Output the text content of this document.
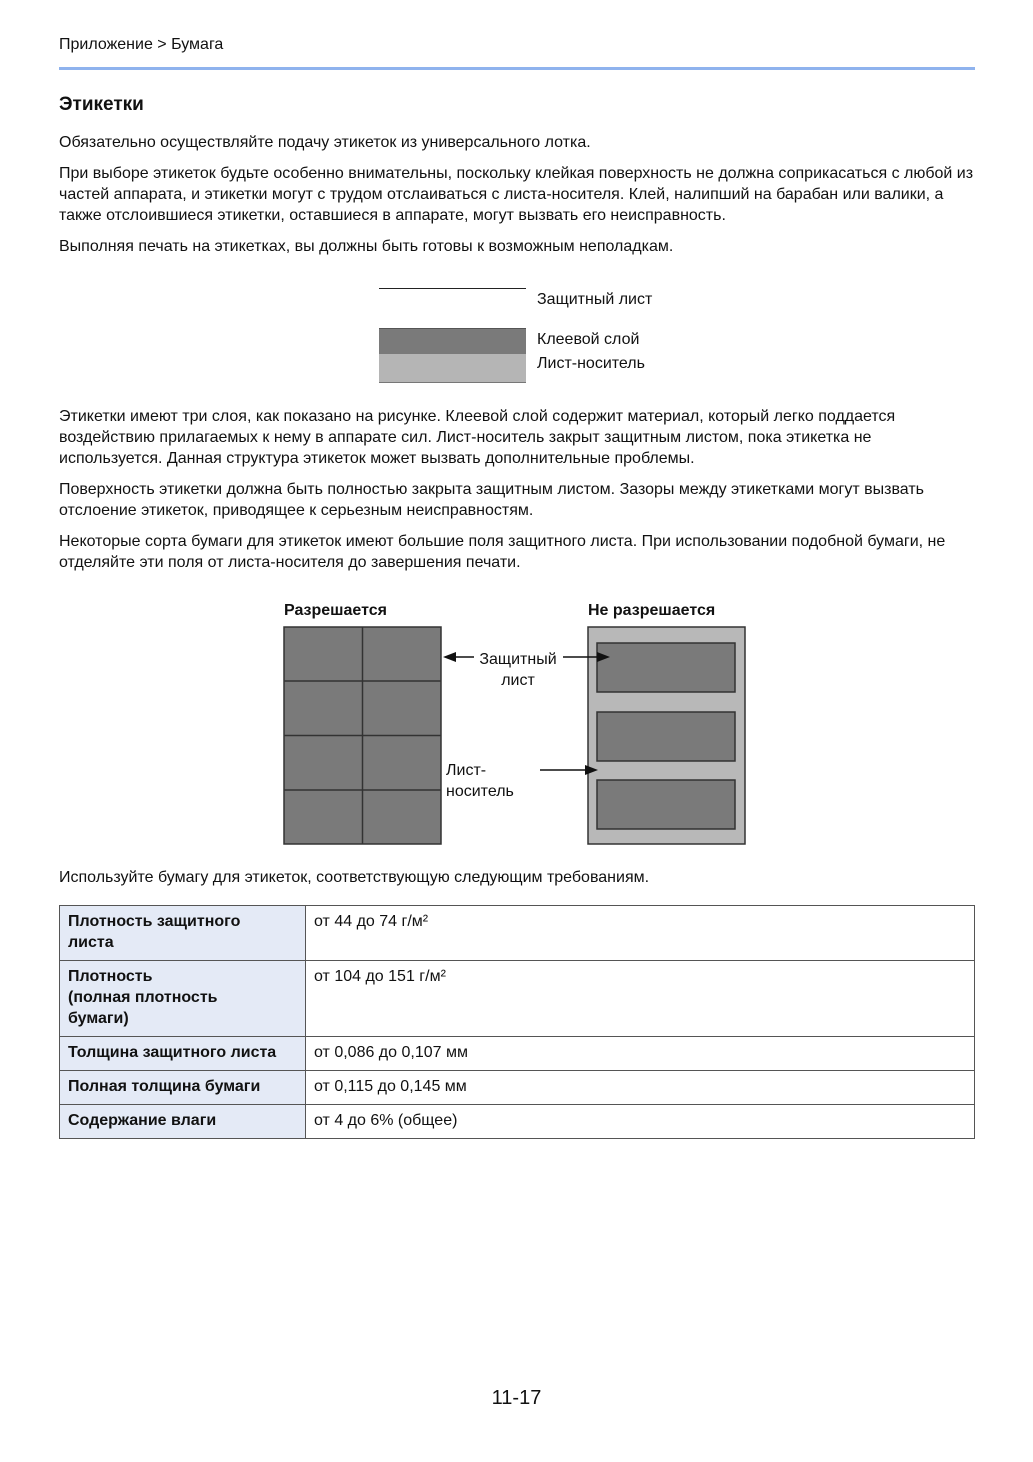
Приложение > Бумага
Этикетки

Обязательно осуществляйте подачу этикеток из универсального лотка.

При выборе этикеток будьте особенно внимательны, поскольку клейкая поверхность не должна соприкасаться с любой из частей аппарата, и этикетки могут с трудом отслаиваться с листа-носителя. Клей, налипший на барабан или валики, а также отслоившиеся этикетки, оставшиеся в аппарате, могут вызвать его неисправность.

Выполняя печать на этикетках, вы должны быть готовы к возможным неполадкам.

Защитный лист
Клеевой слой
Лист-носитель

Этикетки имеют три слоя, как показано на рисунке. Клеевой слой содержит материал, который легко поддается воздействию прилагаемых к нему в аппарате сил. Лист-носитель закрыт защитным листом, пока этикетка не используется. Данная структура этикеток может вызвать дополнительные проблемы.

Поверхность этикетки должна быть полностью закрыта защитным листом. Зазоры между этикетками могут вызвать отслоение этикеток, приводящее к серьезным неисправностям.

Некоторые сорта бумаги для этикеток имеют большие поля защитного листа. При использовании подобной бумаги, не отделяйте эти поля от листа-носителя до завершения печати.

Разрешается	Не разрешается
Защитный
лист
Лист-
носитель

Используйте бумагу для этикеток, соответствующую следующим требованиям.

Плотность защитного
листа	от 44 до 74 г/м²

Плотность
(полная плотность
бумаги)	от 104 до 151 г/м²

Толщина защитного листа	от 0,086 до 0,107 мм

Полная толщина бумаги	от 0,115 до 0,145 мм

Содержание влаги	от 4 до 6% (общее)
11-17
